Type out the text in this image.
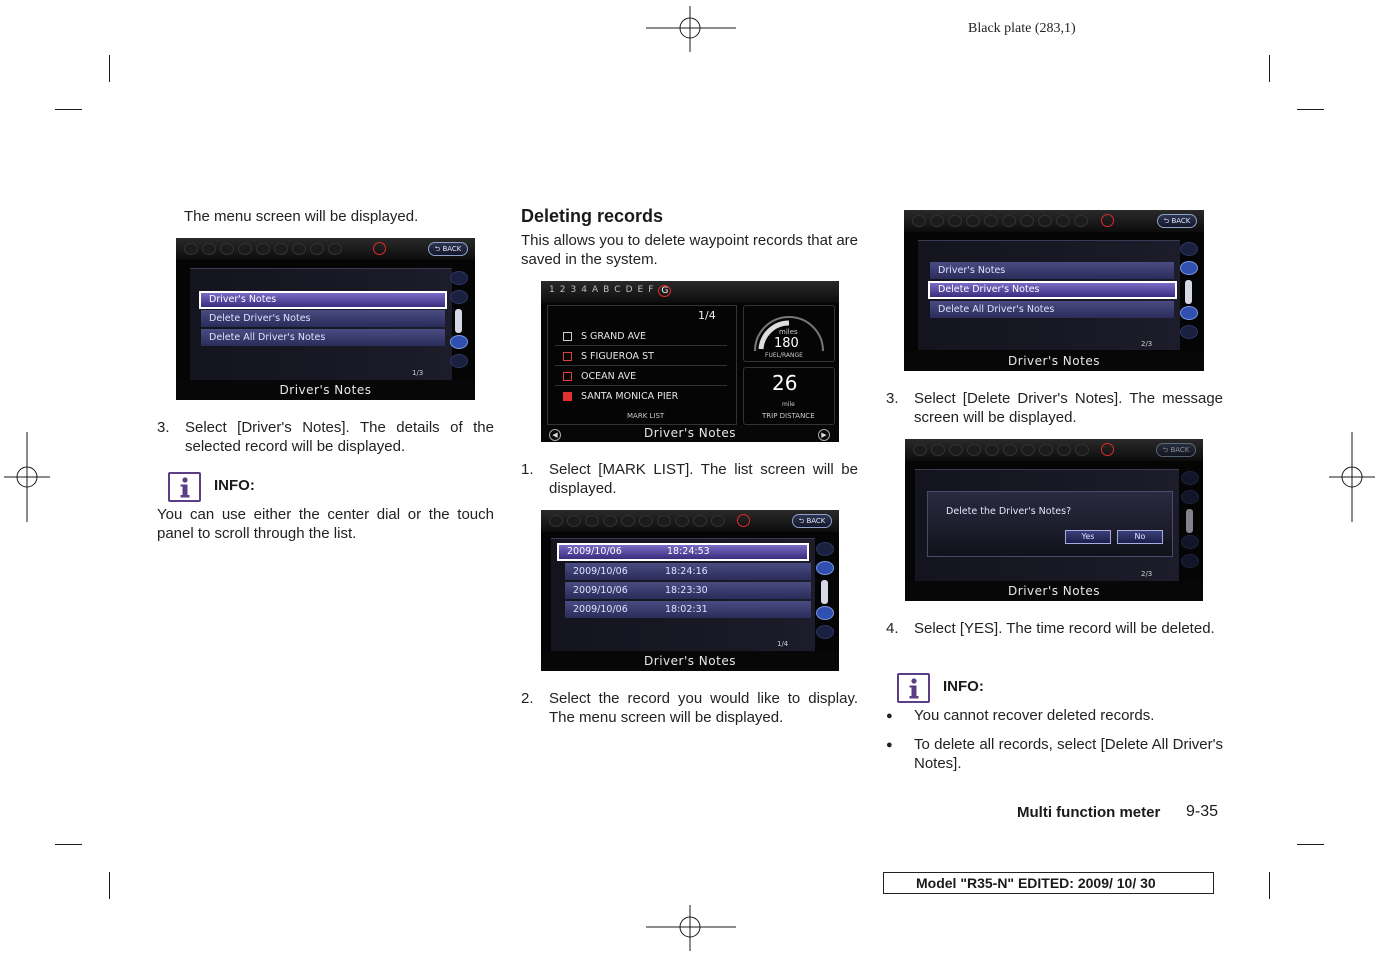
Black plate (283,1)
The menu screen will be displayed.
⮌ BACK
Driver's Notes
Delete Driver's Notes
Delete All Driver's Notes
1/3
Driver's Notes
3. Select [Driver's Notes]. The details of the selected record will be displayed.
INFO:
You can use either the center dial or the touch panel to scroll through the list.
Deleting records
This allows you to delete waypoint records that are saved in the system.
1 2 3 4 A B C D E F G
1/4
S GRAND AVE
S FIGUEROA ST
OCEAN AVE
SANTA MONICA PIER
MARK LIST
miles
180
FUEL/RANGE
26
mile
TRIP DISTANCE
Driver's Notes
◀	▶
1. Select [MARK LIST]. The list screen will be displayed.
⮌ BACK
2009/10/06	18:24:53
2009/10/06	18:24:16
2009/10/06	18:23:30
2009/10/06	18:02:31
1/4
Driver's Notes
2. Select the record you would like to display. The menu screen will be displayed.
⮌ BACK
Driver's Notes
Delete Driver's Notes
Delete All Driver's Notes
2/3
Driver's Notes
3. Select [Delete Driver's Notes]. The message screen will be displayed.
⮌ BACK
Delete the Driver's Notes?
Yes	No
2/3
Driver's Notes
4. Select [YES]. The time record will be deleted.
INFO:
● You cannot recover deleted records.
● To delete all records, select [Delete All Driver's Notes].
Multi function meter 9-35
Model "R35-N" EDITED: 2009/ 10/ 30
